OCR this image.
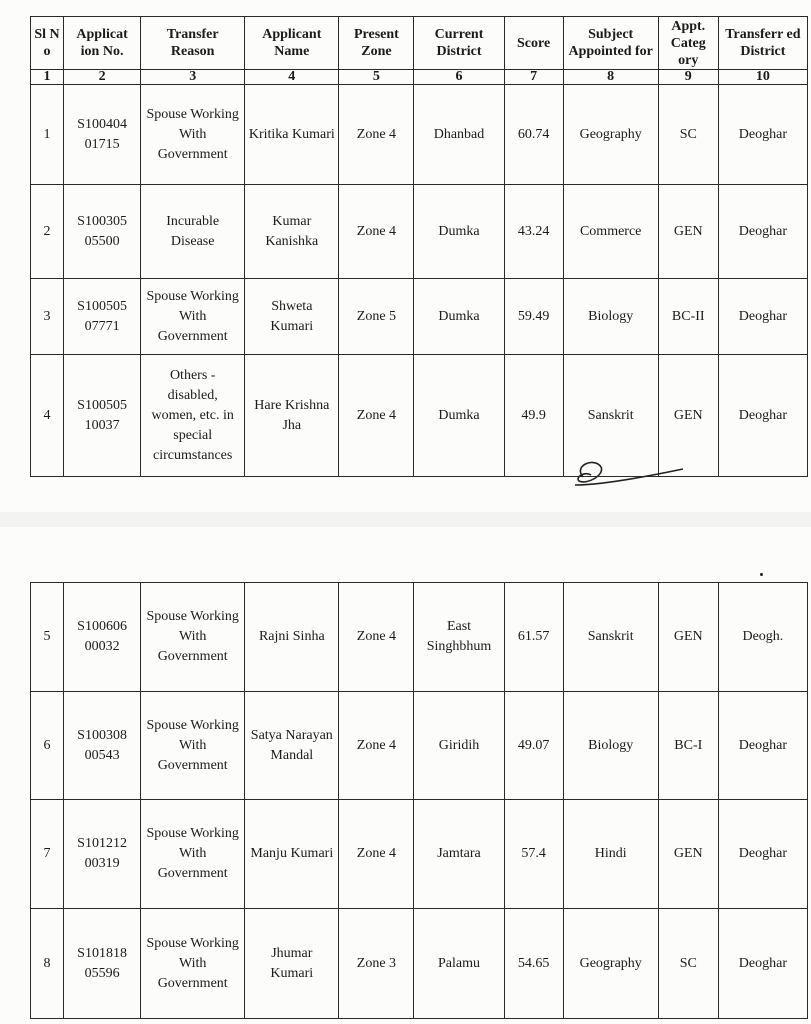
Sl N o	Applicat ion No.	Transfer Reason	Applicant Name	Present Zone	Current District	Score	Subject Appointed for	Appt. Categ ory	Transferr ed District
1	2	3	4	5	6	7	8	9	10
1	S100404 01715	Spouse Working With Government	Kritika Kumari	Zone 4	Dhanbad	60.74	Geography	SC	Deoghar
2	S100305 05500	Incurable Disease	Kumar Kanishka	Zone 4	Dumka	43.24	Commerce	GEN	Deoghar
3	S100505 07771	Spouse Working With Government	Shweta Kumari	Zone 5	Dumka	59.49	Biology	BC-II	Deoghar
4	S100505 10037	Others - disabled, women, etc. in special circumstances	Hare Krishna Jha	Zone 4	Dumka	49.9	Sanskrit	GEN	Deoghar
5	S100606 00032	Spouse Working With Government	Rajni Sinha	Zone 4	East Singhbhum	61.57	Sanskrit	GEN	Deogh.
6	S100308 00543	Spouse Working With Government	Satya Narayan Mandal	Zone 4	Giridih	49.07	Biology	BC-I	Deoghar
7	S101212 00319	Spouse Working With Government	Manju Kumari	Zone 4	Jamtara	57.4	Hindi	GEN	Deoghar
8	S101818 05596	Spouse Working With Government	Jhumar Kumari	Zone 3	Palamu	54.65	Geography	SC	Deoghar
